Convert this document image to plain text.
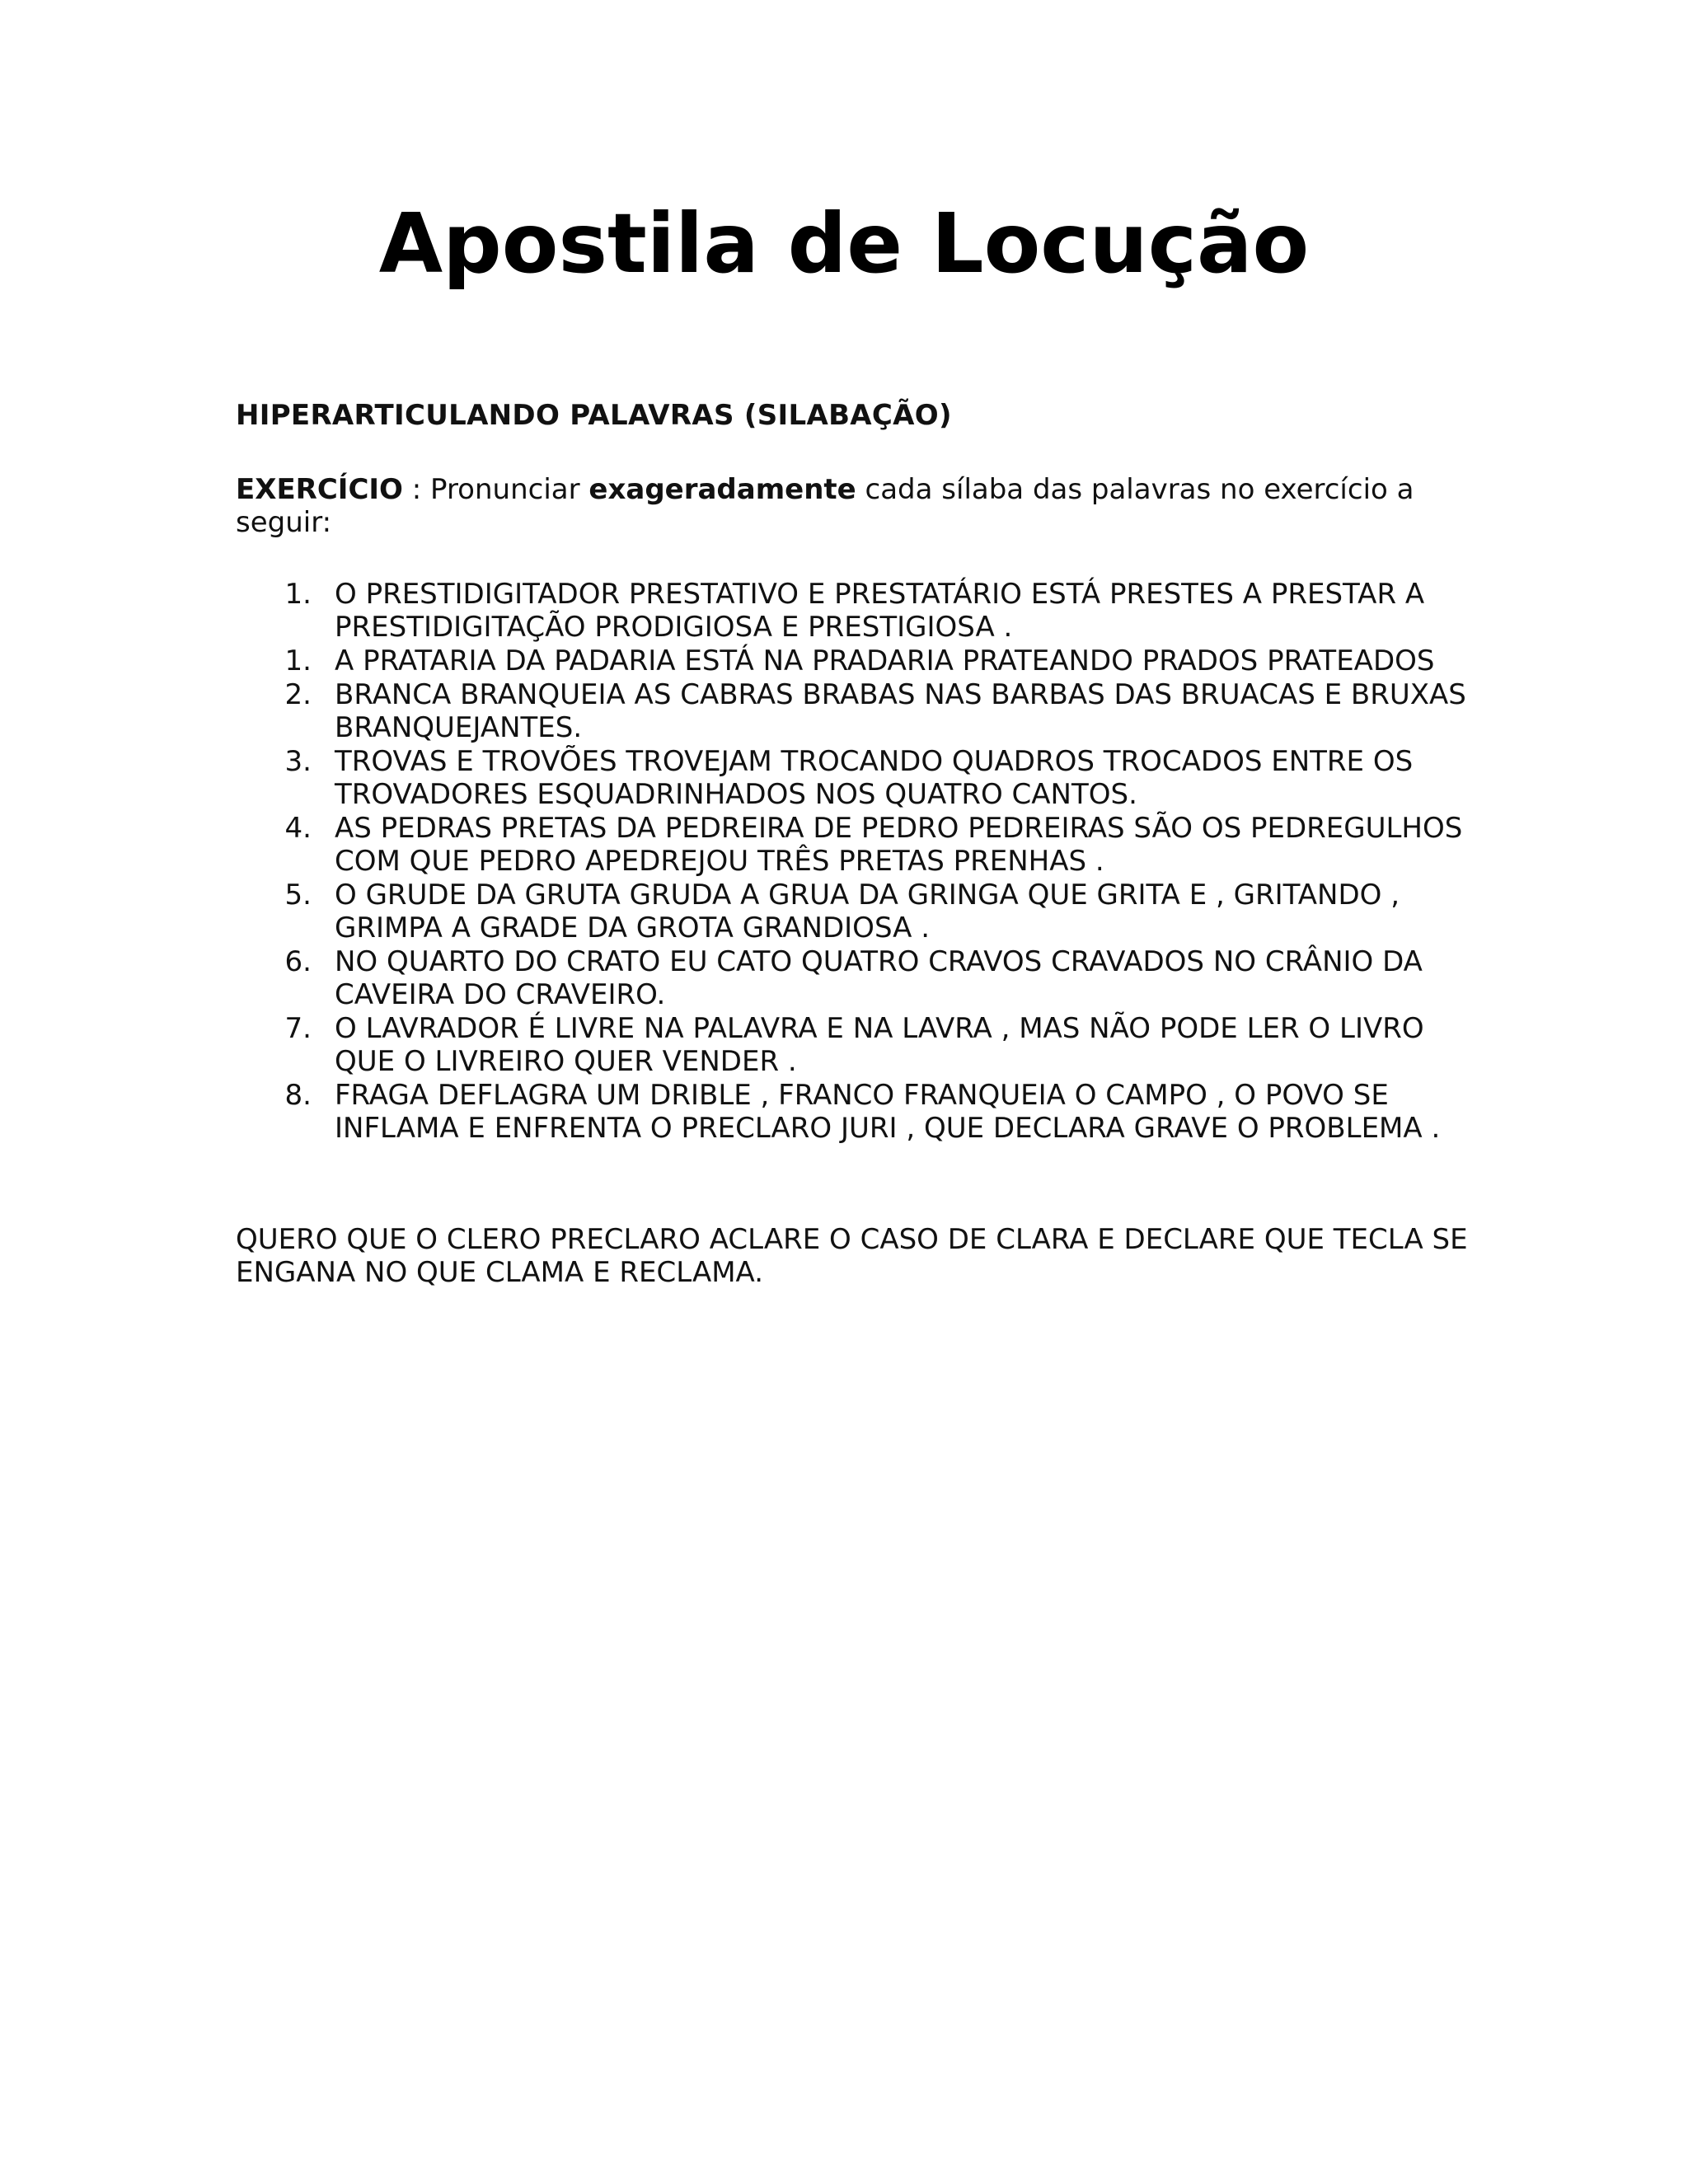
Apostila de Locução
HIPERARTICULANDO PALAVRAS (SILABAÇÃO)

EXERCÍCIO : Pronunciar exageradamente cada sílaba das palavras no exercício a seguir:

1. O PRESTIDIGITADOR PRESTATIVO E PRESTATÁRIO ESTÁ PRESTES A PRESTAR A PRESTIDIGITAÇÃO PRODIGIOSA E PRESTIGIOSA .
1. A PRATARIA DA PADARIA ESTÁ NA PRADARIA PRATEANDO PRADOS PRATEADOS
2. BRANCA BRANQUEIA AS CABRAS BRABAS NAS BARBAS DAS BRUACAS E BRUXAS BRANQUEJANTES.
3. TROVAS E TROVÕES TROVEJAM TROCANDO QUADROS TROCADOS ENTRE OS TROVADORES ESQUADRINHADOS NOS QUATRO CANTOS.
4. AS PEDRAS PRETAS DA PEDREIRA DE PEDRO PEDREIRAS SÃO OS PEDREGULHOS COM QUE PEDRO APEDREJOU TRÊS PRETAS PRENHAS .
5. O GRUDE DA GRUTA GRUDA A GRUA DA GRINGA QUE GRITA E , GRITANDO , GRIMPA A GRADE DA GROTA GRANDIOSA .
6. NO QUARTO DO CRATO EU CATO QUATRO CRAVOS CRAVADOS NO CRÂNIO DA CAVEIRA DO CRAVEIRO.
7. O LAVRADOR É LIVRE NA PALAVRA E NA LAVRA , MAS NÃO PODE LER O LIVRO QUE O LIVREIRO QUER VENDER .
8. FRAGA DEFLAGRA UM DRIBLE , FRANCO FRANQUEIA O CAMPO , O POVO SE INFLAMA E ENFRENTA O PRECLARO JURI , QUE DECLARA GRAVE O PROBLEMA .

QUERO QUE O CLERO PRECLARO ACLARE O CASO DE CLARA E DECLARE QUE TECLA SE ENGANA NO QUE CLAMA E RECLAMA.
